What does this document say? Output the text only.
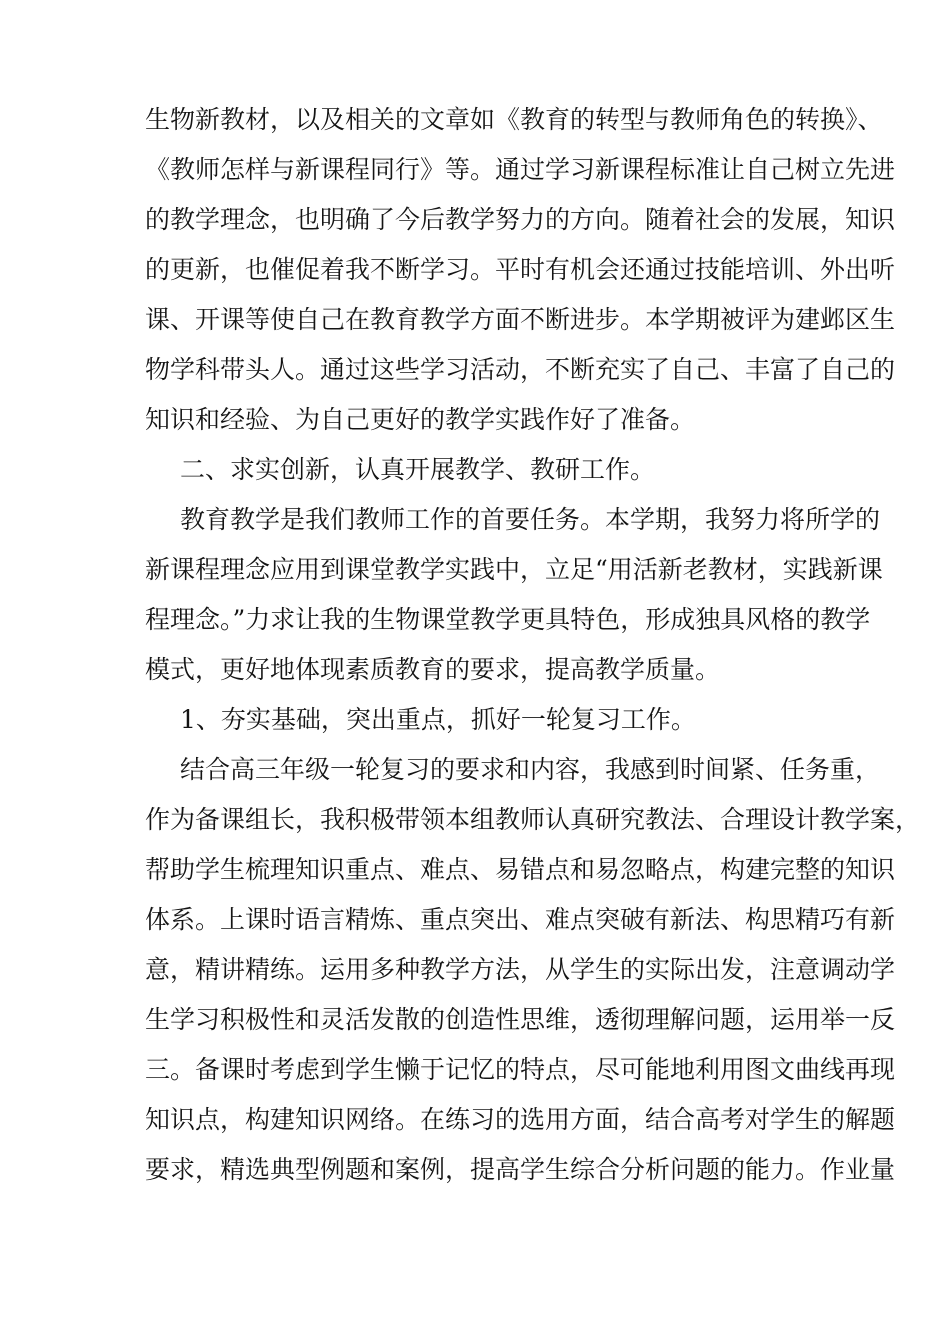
生物新教材，以及相关的文章如《教育的转型与教师角色的转换》、
《教师怎样与新课程同行》等。通过学习新课程标准让自己树立先进
的教学理念，也明确了今后教学努力的方向。随着社会的发展，知识
的更新，也催促着我不断学习。平时有机会还通过技能培训、外出听
课、开课等使自己在教育教学方面不断进步。本学期被评为建邺区生
物学科带头人。通过这些学习活动，不断充实了自己、丰富了自己的
知识和经验、为自己更好的教学实践作好了准备。
二、求实创新，认真开展教学、教研工作。
教育教学是我们教师工作的首要任务。本学期，我努力将所学的
新课程理念应用到课堂教学实践中，立足“用活新老教材，实践新课
程理念。”力求让我的生物课堂教学更具特色，形成独具风格的教学
模式，更好地体现素质教育的要求，提高教学质量。
1、夯实基础，突出重点，抓好一轮复习工作。
结合高三年级一轮复习的要求和内容，我感到时间紧、任务重，
作为备课组长，我积极带领本组教师认真研究教法、合理设计教学案，
帮助学生梳理知识重点、难点、易错点和易忽略点，构建完整的知识
体系。上课时语言精炼、重点突出、难点突破有新法、构思精巧有新
意，精讲精练。运用多种教学方法，从学生的实际出发，注意调动学
生学习积极性和灵活发散的创造性思维，透彻理解问题，运用举一反
三。备课时考虑到学生懒于记忆的特点，尽可能地利用图文曲线再现
知识点，构建知识网络。在练习的选用方面，结合高考对学生的解题
要求，精选典型例题和案例，提高学生综合分析问题的能力。作业量
